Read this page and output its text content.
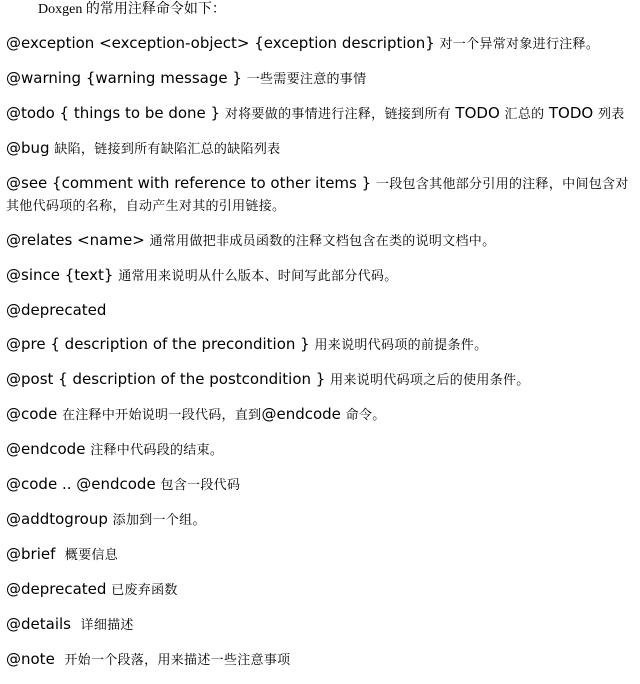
Doxgen 的常用注释命令如下：

@exception <exception-object> {exception description} 对一个异常对象进行注释。

@warning {warning message } 一些需要注意的事情

@todo { things to be done } 对将要做的事情进行注释，链接到所有 TODO 汇总的 TODO 列表

@bug 缺陷，链接到所有缺陷汇总的缺陷列表

@see {comment with reference to other items } 一段包含其他部分引用的注释，中间包含对其他代码项的名称，自动产生对其的引用链接。

@relates <name> 通常用做把非成员函数的注释文档包含在类的说明文档中。

@since {text} 通常用来说明从什么版本、时间写此部分代码。

@deprecated

@pre { description of the precondition } 用来说明代码项的前提条件。

@post { description of the postcondition } 用来说明代码项之后的使用条件。

@code 在注释中开始说明一段代码，直到@endcode 命令。

@endcode 注释中代码段的结束。

@code .. @endcode 包含一段代码

@addtogroup 添加到一个组。

@brief  概要信息

@deprecated 已废弃函数

@details  详细描述

@note  开始一个段落，用来描述一些注意事项
